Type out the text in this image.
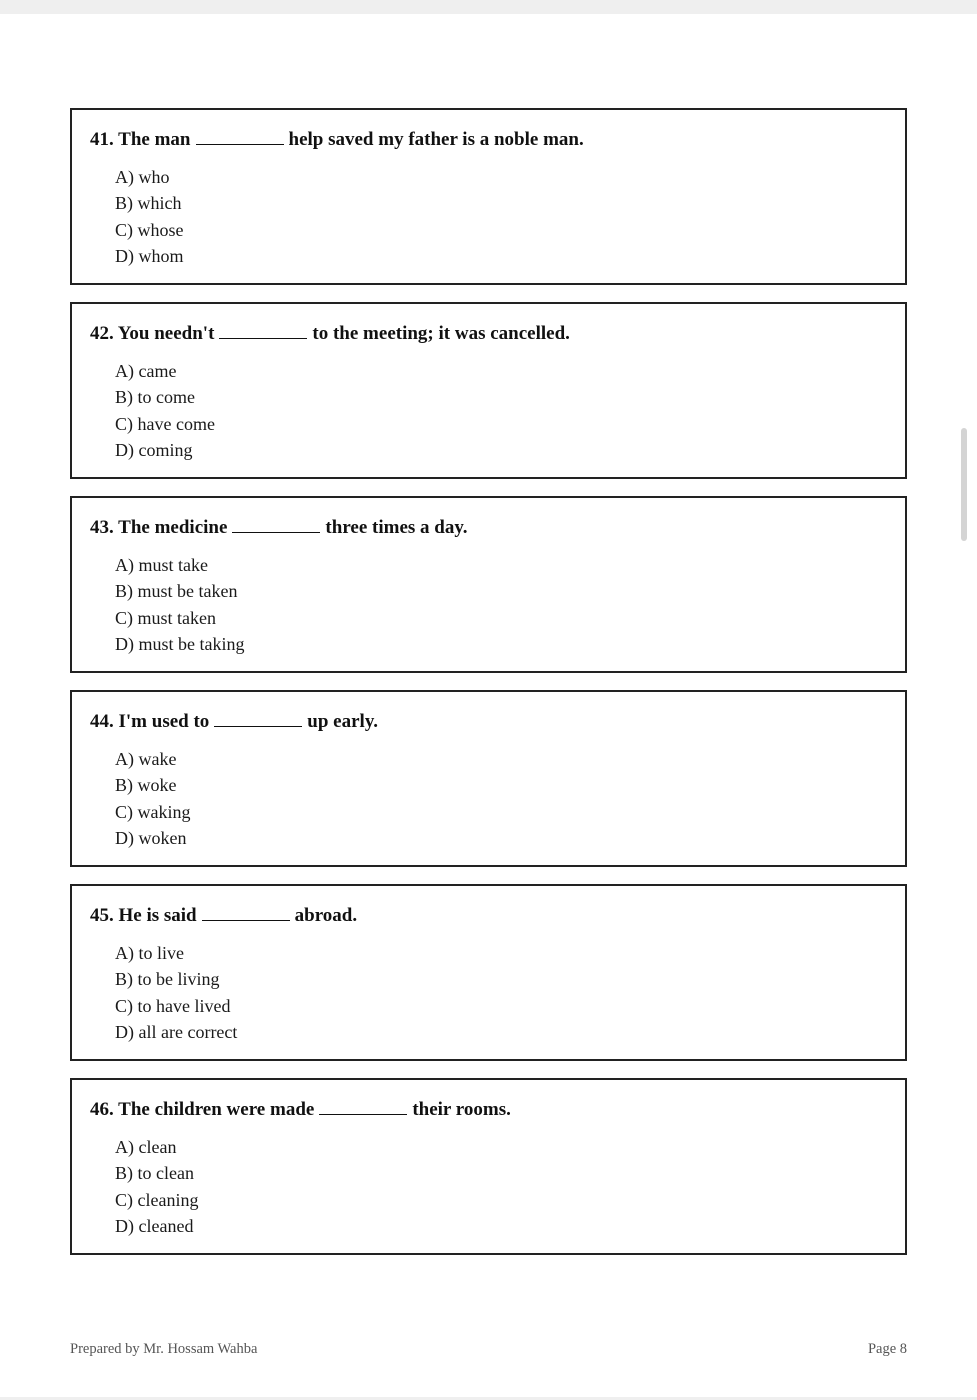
41. The man	help saved my father is a noble man.
A) who
B) which
C) whose
D) whom
42. You needn't	to the meeting; it was cancelled.
A) came
B) to come
C) have come
D) coming
43. The medicine	three times a day.
A) must take
B) must be taken
C) must taken
D) must be taking
44. I'm used to	up early.
A) wake
B) woke
C) waking
D) woken
45. He is said	abroad.
A) to live
B) to be living
C) to have lived
D) all are correct
46. The children were made	their rooms.
A) clean
B) to clean
C) cleaning
D) cleaned
Prepared by Mr. Hossam Wahba	Page 8
